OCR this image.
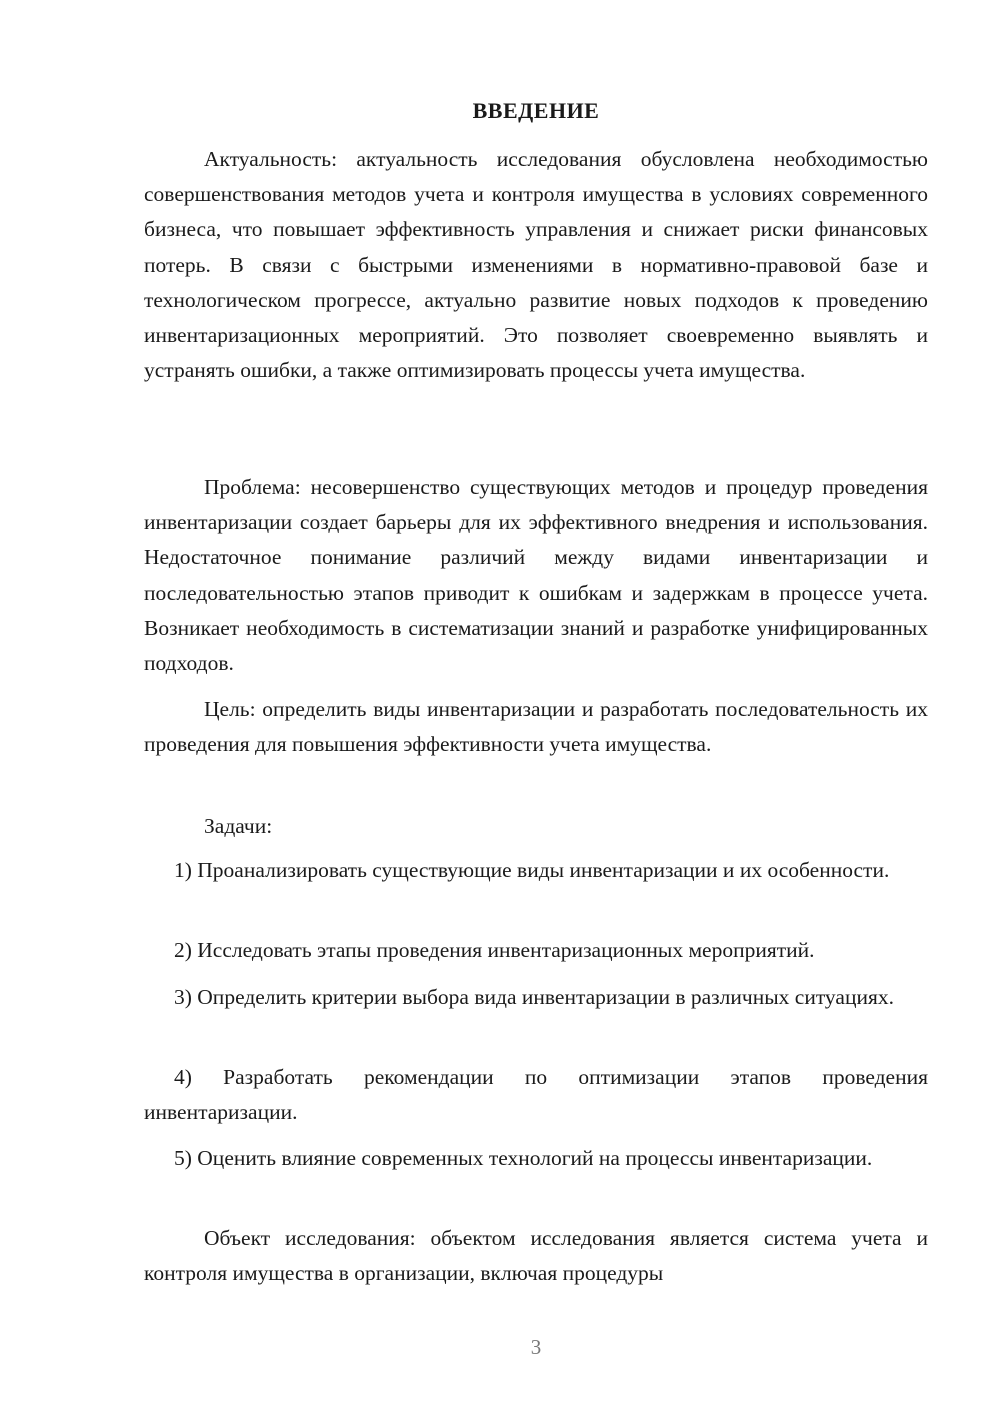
ВВЕДЕНИЕ

Актуальность: актуальность исследования обусловлена необходимостью совершенствования методов учета и контроля имущества в условиях современного бизнеса, что повышает эффективность управления и снижает риски финансовых потерь. В связи с быстрыми изменениями в нормативно-правовой базе и технологическом прогрессе, актуально развитие новых подходов к проведению инвентаризационных мероприятий. Это позволяет своевременно выявлять и устранять ошибки, а также оптимизировать процессы учета имущества.

Проблема: несовершенство существующих методов и процедур проведения инвентаризации создает барьеры для их эффективного внедрения и использования. Недостаточное понимание различий между видами инвентаризации и последовательностью этапов приводит к ошибкам и задержкам в процессе учета. Возникает необходимость в систематизации знаний и разработке унифицированных подходов.

Цель: определить виды инвентаризации и разработать последовательность их проведения для повышения эффективности учета имущества.

Задачи:

1) Проанализировать существующие виды инвентаризации и их особенности.

2) Исследовать этапы проведения инвентаризационных мероприятий.

3) Определить критерии выбора вида инвентаризации в различных ситуациях.

4) Разработать рекомендации по оптимизации этапов проведения инвентаризации.

5) Оценить влияние современных технологий на процессы инвентаризации.

Объект исследования: объектом исследования является система учета и контроля имущества в организации, включая процедуры

3
